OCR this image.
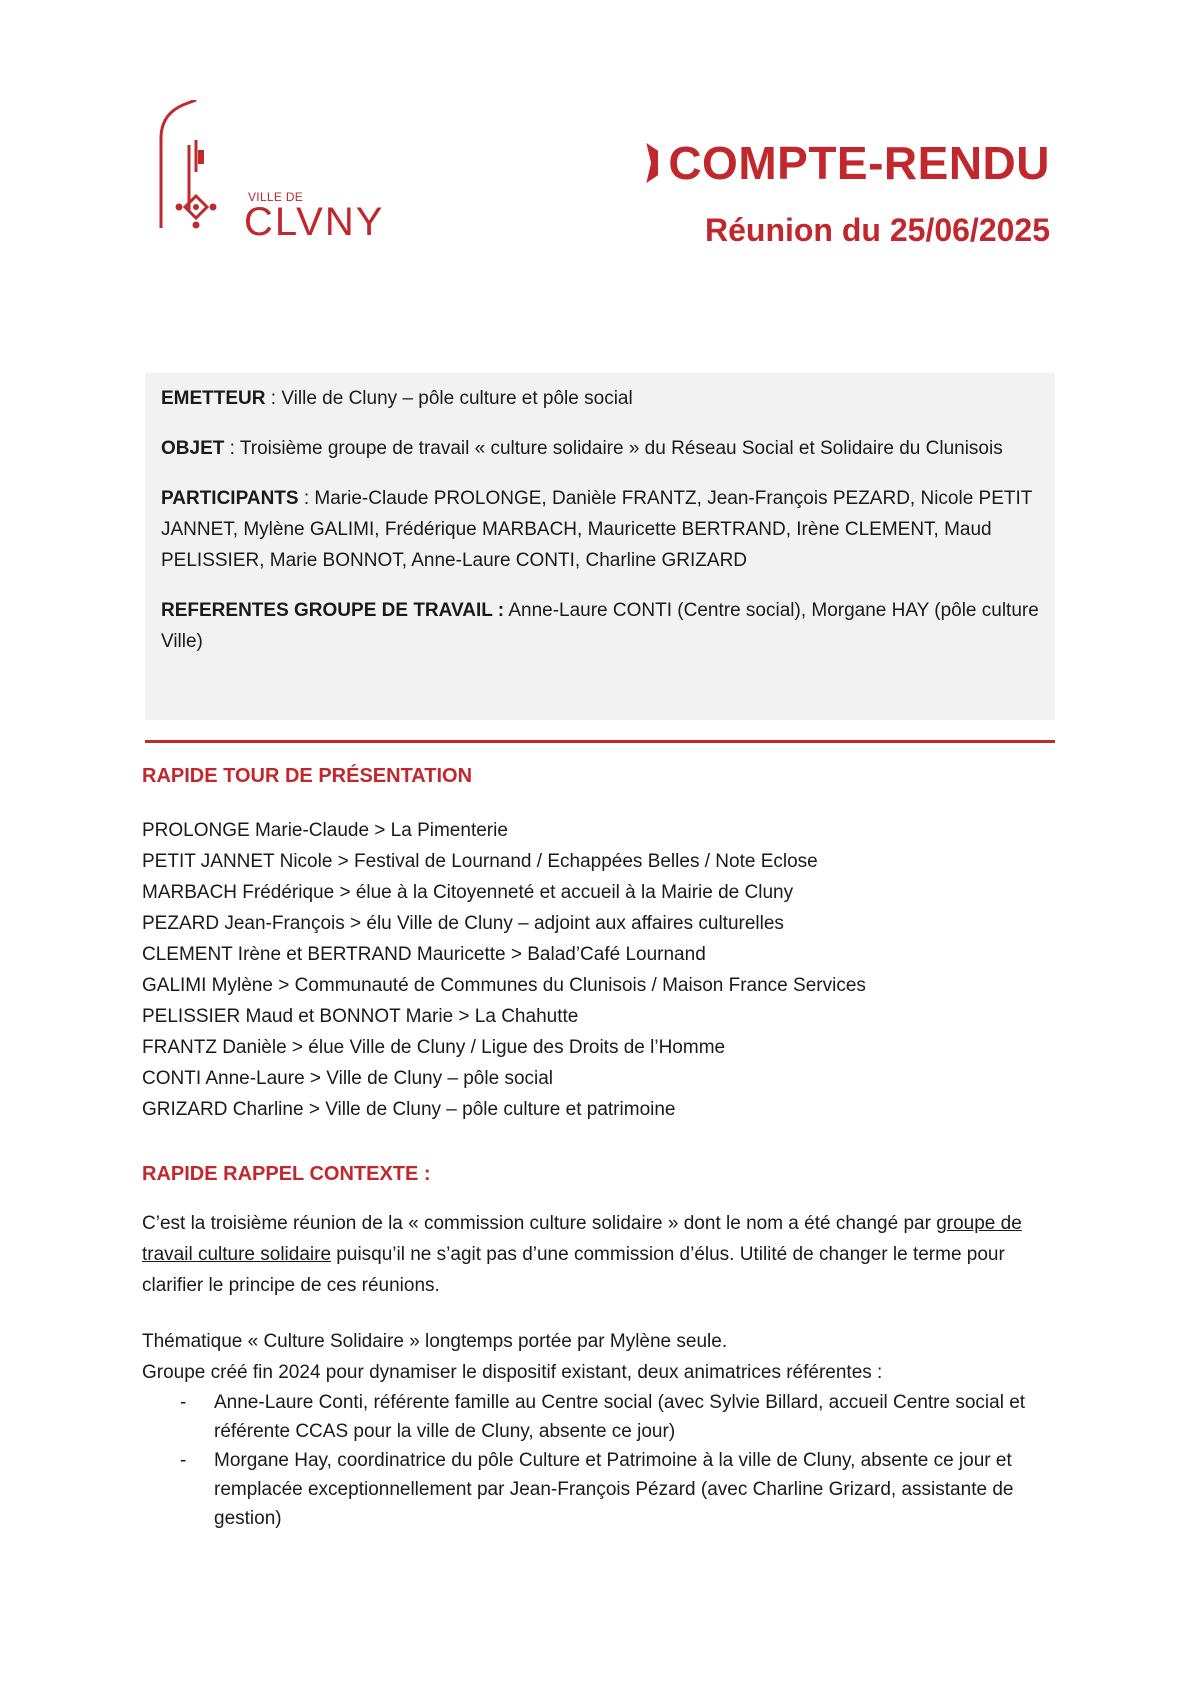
VILLE DE
CLVNY
COMPTE-RENDU
Réunion du 25/06/2025

EMETTEUR : Ville de Cluny – pôle culture et pôle social

OBJET : Troisième groupe de travail « culture solidaire » du Réseau Social et Solidaire du Clunisois

PARTICIPANTS : Marie-Claude PROLONGE, Danièle FRANTZ, Jean-François PEZARD, Nicole PETIT JANNET, Mylène GALIMI, Frédérique MARBACH, Mauricette BERTRAND, Irène CLEMENT, Maud PELISSIER, Marie BONNOT, Anne-Laure CONTI, Charline GRIZARD

REFERENTES GROUPE DE TRAVAIL : Anne-Laure CONTI (Centre social), Morgane HAY (pôle culture Ville)

RAPIDE TOUR DE PRÉSENTATION
PROLONGE Marie-Claude > La Pimenterie
PETIT JANNET Nicole > Festival de Lournand / Echappées Belles / Note Eclose
MARBACH Frédérique > élue à la Citoyenneté et accueil à la Mairie de Cluny
PEZARD Jean-François > élu Ville de Cluny – adjoint aux affaires culturelles
CLEMENT Irène et BERTRAND Mauricette > Balad’Café Lournand
GALIMI Mylène > Communauté de Communes du Clunisois / Maison France Services
PELISSIER Maud et BONNOT Marie > La Chahutte
FRANTZ Danièle > élue Ville de Cluny / Ligue des Droits de l’Homme
CONTI Anne-Laure > Ville de Cluny – pôle social
GRIZARD Charline > Ville de Cluny – pôle culture et patrimoine
RAPIDE RAPPEL CONTEXTE :

C’est la troisième réunion de la « commission culture solidaire » dont le nom a été changé par groupe de travail culture solidaire puisqu’il ne s’agit pas d’une commission d’élus. Utilité de changer le terme pour clarifier le principe de ces réunions.

Thématique « Culture Solidaire » longtemps portée par Mylène seule.

Groupe créé fin 2024 pour dynamiser le dispositif existant, deux animatrices référentes :

- Anne-Laure Conti, référente famille au Centre social (avec Sylvie Billard, accueil Centre social et référente CCAS pour la ville de Cluny, absente ce jour)
- Morgane Hay, coordinatrice du pôle Culture et Patrimoine à la ville de Cluny, absente ce jour et remplacée exceptionnellement par Jean-François Pézard (avec Charline Grizard, assistante de gestion)
